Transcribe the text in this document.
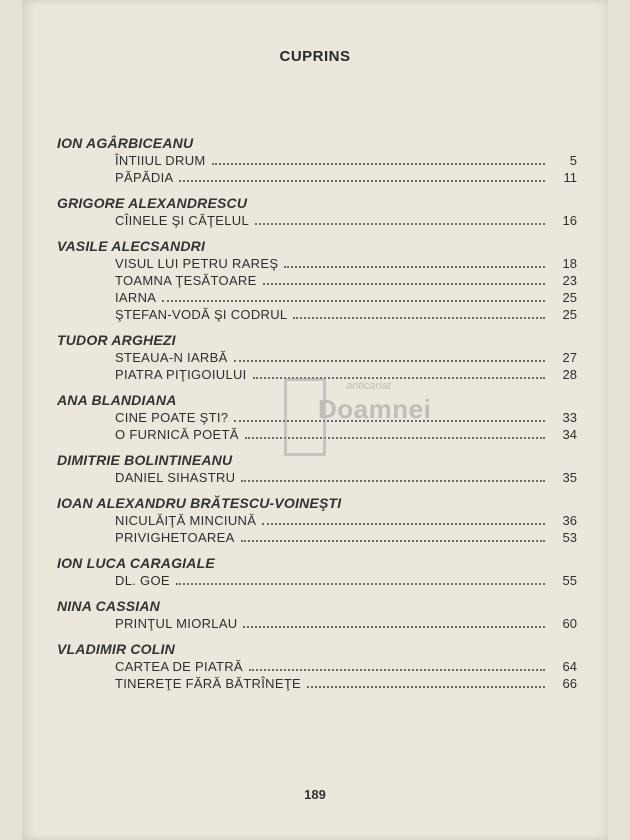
CUPRINS
ION AGÂRBICEANU
ÎNTIIUL DRUM	5
PĂPĂDIA	11
GRIGORE ALEXANDRESCU
CÎINELE ŞI CĂŢELUL	16
VASILE ALECSANDRI
VISUL LUI PETRU RAREŞ	18
TOAMNA ŢESĂTOARE	23
IARNA	25
ŞTEFAN-VODĂ ŞI CODRUL	25
TUDOR ARGHEZI
STEAUA-N IARBĂ	27
PIATRA PIŢIGOIULUI	28
ANA BLANDIANA
CINE POATE ŞTI?	33
O FURNICĂ POETĂ	34
DIMITRIE BOLINTINEANU
DANIEL SIHASTRU	35
IOAN ALEXANDRU BRĂTESCU-VOINEŞTI
NICULĂIŢĂ MINCIUNĂ	36
PRIVIGHETOAREA	53
ION LUCA CARAGIALE
DL. GOE	55
NINA CASSIAN
PRINŢUL MIORLAU	60
VLADIMIR COLIN
CARTEA DE PIATRĂ	64
TINEREŢE FĂRĂ BĂTRÎNEŢE	66
anticariat
Doamnei
189
